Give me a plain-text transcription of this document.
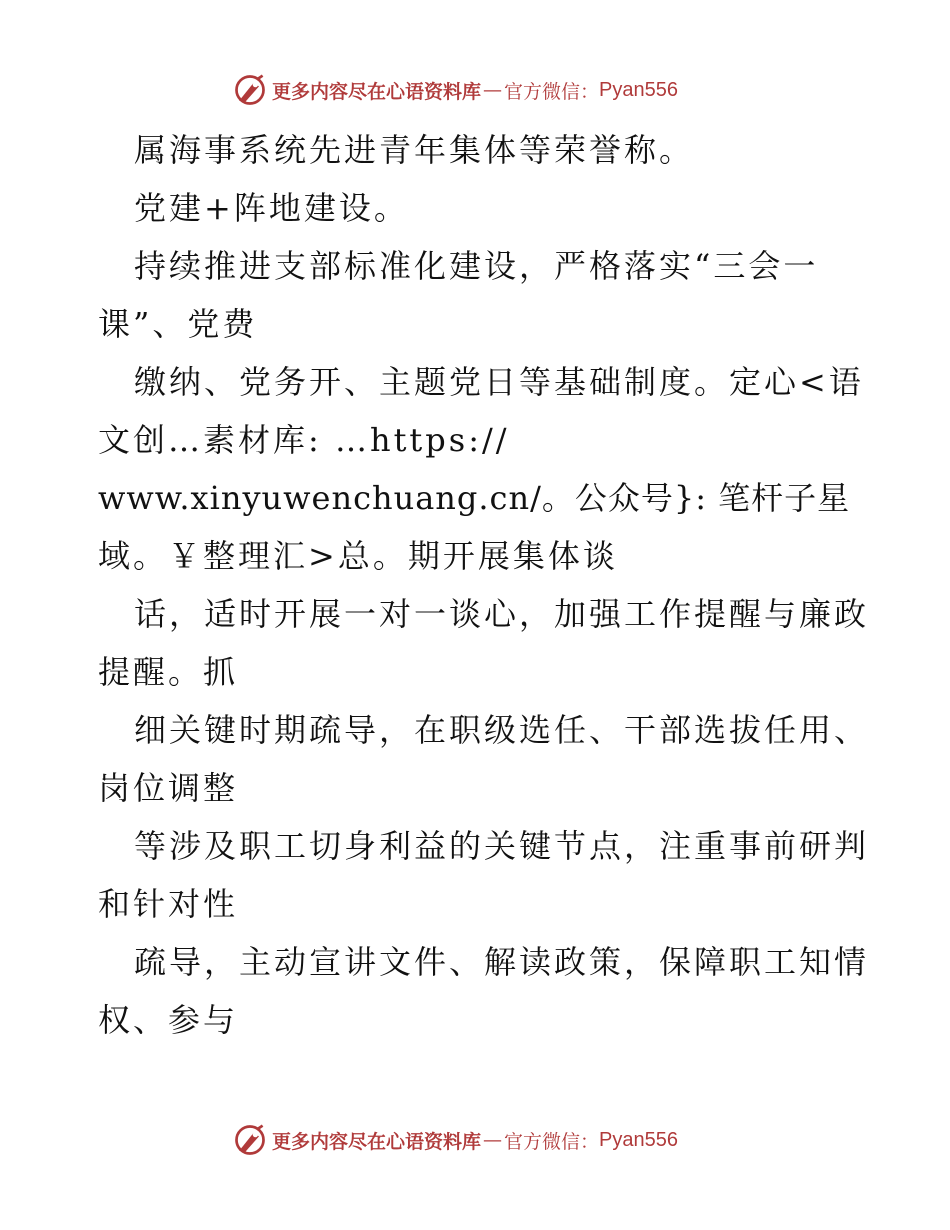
更多内容尽在心语资料库 — 官方微信： Pyan556
属海事系统先进青年集体等荣誉称。
党建+阵地建设。
持续推进支部标准化建设，严格落实“三会一
课”、党费
缴纳、党务开、主题党日等基础制度。定心<语
文创…素材库: …https://
www.xinyuwenchuang.cn/。公众号}: 笔杆子星
域。￥整理汇>总。期开展集体谈
话，适时开展一对一谈心，加强工作提醒与廉政
提醒。抓
细关键时期疏导，在职级选任、干部选拔任用、
岗位调整
等涉及职工切身利益的关键节点，注重事前研判
和针对性
疏导，主动宣讲文件、解读政策，保障职工知情
权、参与
更多内容尽在心语资料库 — 官方微信： Pyan556
